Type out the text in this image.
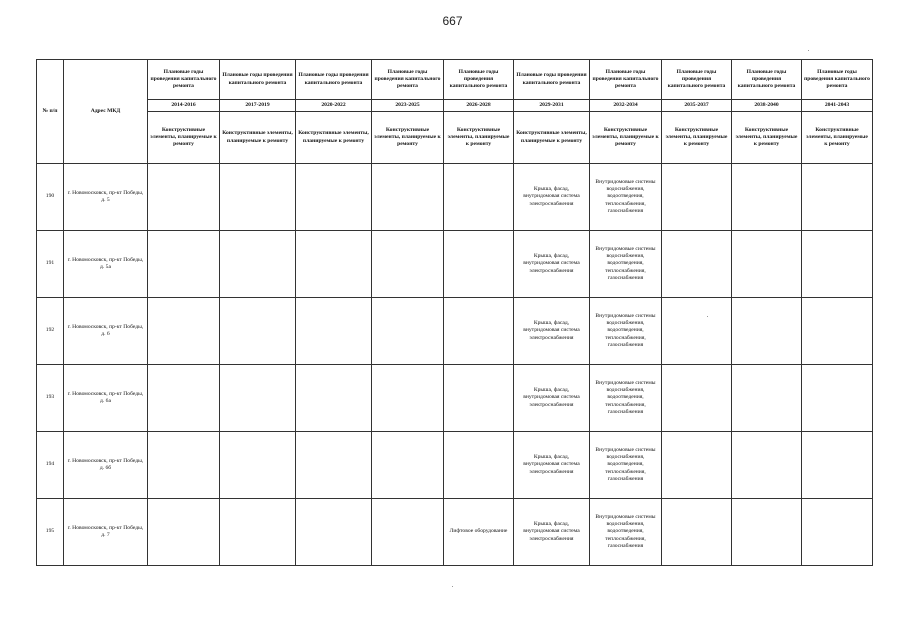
667
№ п/п	Адрес МКД	Плановые годы проведения капитального ремонта	Плановые годы проведения капитального ремонта	Плановые годы проведения капитального ремонта	Плановые годы проведения капитального ремонта	Плановые годы проведения капитального ремонта	Плановые годы проведения капитального ремонта	Плановые годы проведения капитального ремонта	Плановые годы проведения капитального ремонта	Плановые годы проведения капитального ремонта	Плановые годы проведения капитального ремонта
		2014-2016	2017-2019	2020-2022	2023-2025	2026-2028	2029-2031	2032-2034	2035-2037	2038-2040	2041-2043
		Конструктивные элементы, планируемые к ремонту	Конструктивные элементы, планируемые к ремонту	Конструктивные элементы, планируемые к ремонту	Конструктивные элементы, планируемые к ремонту	Конструктивные элементы, планируемые к ремонту	Конструктивные элементы, планируемые к ремонту	Конструктивные элементы, планируемые к ремонту	Конструктивные элементы, планируемые к ремонту	Конструктивные элементы, планируемые к ремонту	Конструктивные элементы, планируемые к ремонту
190	г. Новомосковск, пр-кт Победы, д. 5						Крыша, фасад, внутридомовая система электроснабжения	Внутридомовые системы водоснабжения, водоотведения, теплоснабжения, газоснабжения			
191	г. Новомосковск, пр-кт Победы, д. 5а						Крыша, фасад, внутридомовая система электроснабжения	Внутридомовые системы водоснабжения, водоотведения, теплоснабжения, газоснабжения			
192	г. Новомосковск, пр-кт Победы, д. 6						Крыша, фасад, внутридомовая система электроснабжения	Внутридомовые системы водоснабжения, водоотведения, теплоснабжения, газоснабжения			
193	г. Новомосковск, пр-кт Победы, д. 6а						Крыша, фасад, внутридомовая система электроснабжения	Внутридомовые системы водоснабжения, водоотведения, теплоснабжения, газоснабжения			
194	г. Новомосковск, пр-кт Победы, д. 6б						Крыша, фасад, внутридомовая система электроснабжения	Внутридомовые системы водоснабжения, водоотведения, теплоснабжения, газоснабжения			
195	г. Новомосковск, пр-кт Победы, д. 7					Лифтовое оборудование	Крыша, фасад, внутридомовая система электроснабжения	Внутридомовые системы водоснабжения, водоотведения, теплоснабжения, газоснабжения			
